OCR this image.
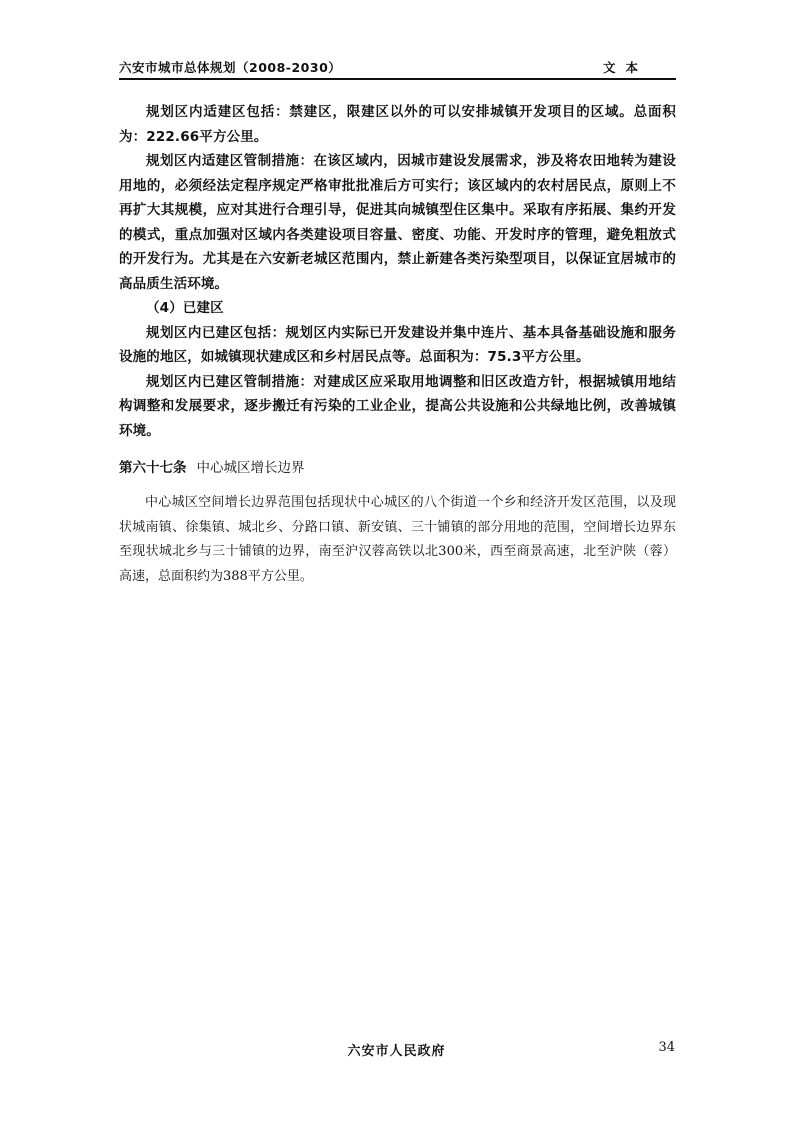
六安市城市总体规划（2008-2030）	文本

规划区内适建区包括：禁建区，限建区以外的可以安排城镇开发项目的区域。总面积为：222.66平方公里。

规划区内适建区管制措施：在该区域内，因城市建设发展需求，涉及将农田地转为建设用地的，必须经法定程序规定严格审批批准后方可实行；该区域内的农村居民点，原则上不再扩大其规模，应对其进行合理引导，促进其向城镇型住区集中。采取有序拓展、集约开发的模式，重点加强对区域内各类建设项目容量、密度、功能、开发时序的管理，避免粗放式的开发行为。尤其是在六安新老城区范围内，禁止新建各类污染型项目，以保证宜居城市的高品质生活环境。

（4）已建区

规划区内已建区包括：规划区内实际已开发建设并集中连片、基本具备基础设施和服务设施的地区，如城镇现状建成区和乡村居民点等。总面积为：75.3平方公里。

规划区内已建区管制措施：对建成区应采取用地调整和旧区改造方针，根据城镇用地结构调整和发展要求，逐步搬迁有污染的工业企业，提高公共设施和公共绿地比例，改善城镇环境。

第六十七条 中心城区增长边界

中心城区空间增长边界范围包括现状中心城区的八个街道一个乡和经济开发区范围，以及现状城南镇、徐集镇、城北乡、分路口镇、新安镇、三十铺镇的部分用地的范围，空间增长边界东至现状城北乡与三十铺镇的边界，南至沪汉蓉高铁以北300米，西至商景高速，北至沪陕（蓉）高速，总面积约为388平方公里。

六安市人民政府	34
